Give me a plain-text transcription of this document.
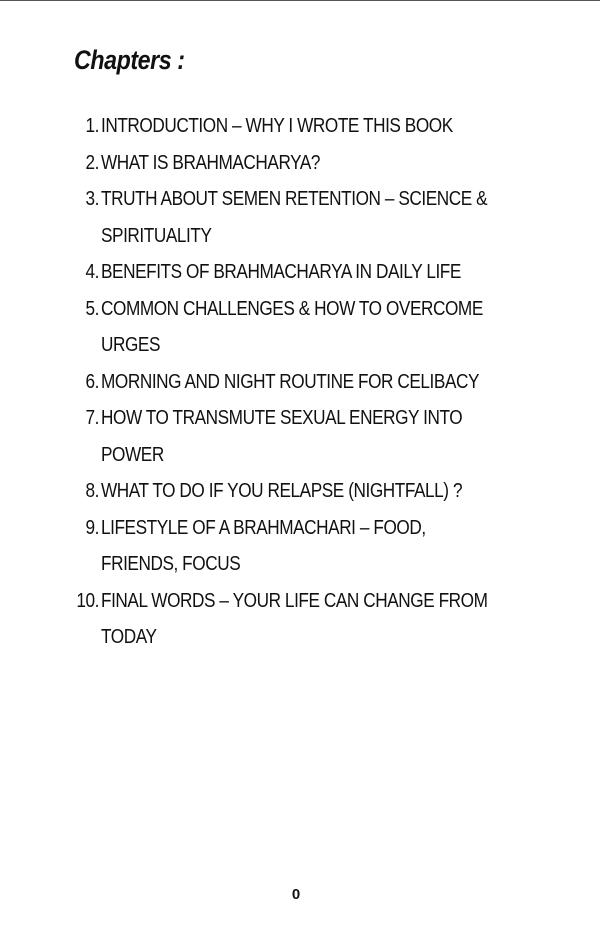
Chapters :
1. INTRODUCTION – WHY I WROTE THIS BOOK
2. WHAT IS BRAHMACHARYA?
3. TRUTH ABOUT SEMEN RETENTION – SCIENCE &
SPIRITUALITY
4. BENEFITS OF BRAHMACHARYA IN DAILY LIFE
5. COMMON CHALLENGES & HOW TO OVERCOME
URGES
6. MORNING AND NIGHT ROUTINE FOR CELIBACY
7. HOW TO TRANSMUTE SEXUAL ENERGY INTO
POWER
8. WHAT TO DO IF YOU RELAPSE (NIGHTFALL) ?
9. LIFESTYLE OF A BRAHMACHARI – FOOD,
FRIENDS, FOCUS
10. FINAL WORDS – YOUR LIFE CAN CHANGE FROM
TODAY
0
